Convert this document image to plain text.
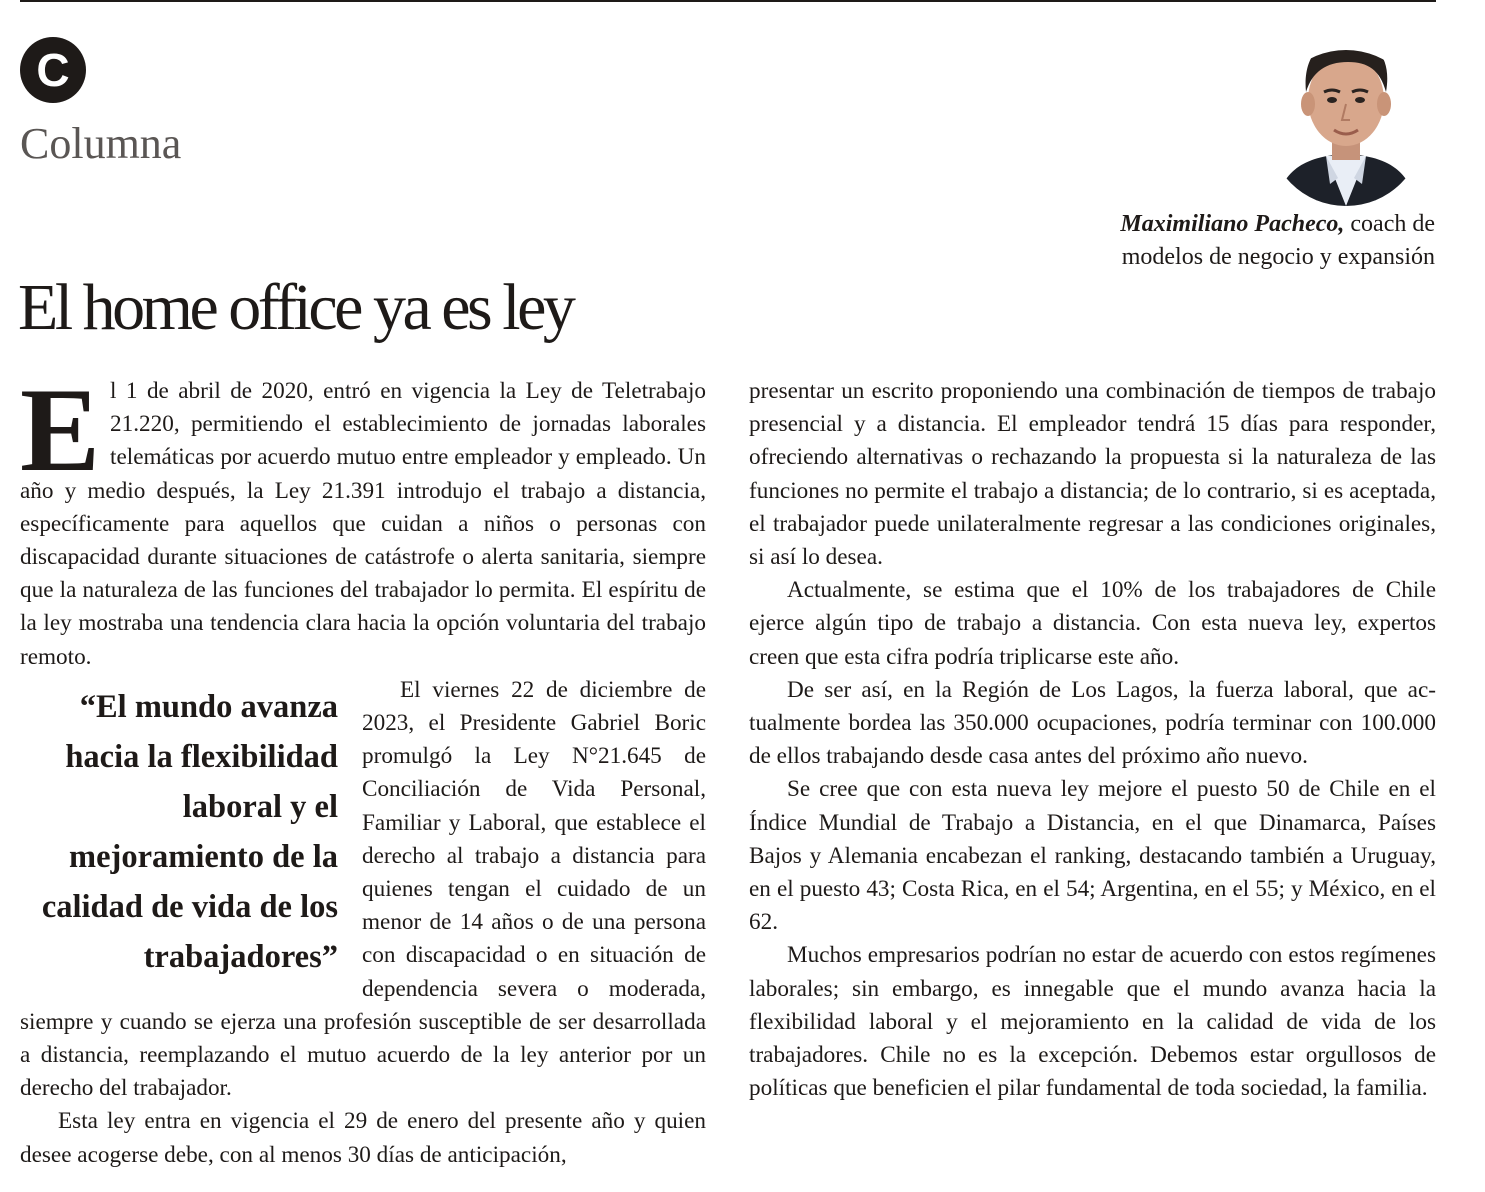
C
Columna
Maximiliano Pacheco, coach de
modelos de negocio y expansión
El home office ya es ley
E l 1 de abril de 2020, entró en vigencia la Ley de Teletrabajo 21.220, permitiendo el establecimiento de jornadas laborales telemáticas por acuerdo mutuo entre empleador y empleado. Un año y medio después, la Ley 21.391 introdujo el trabajo a distancia, específicamente para aquellos que cuidan a niños o personas con discapacidad durante situaciones de catástrofe o alerta sanitaria, siempre que la naturaleza de las funciones del trabajador lo permita. El espíritu de la ley mostraba una tendencia clara hacia la opción voluntaria del trabajo remoto.

“El mundo avanza hacia la flexibilidad laboral y el mejoramiento de la calidad de vida de los trabajadores”

El viernes 22 de diciembre de 2023, el Presidente Gabriel Boric promulgó la Ley N°21.645 de Conciliación de Vida Personal, Familiar y Laboral, que establece el derecho al trabajo a distancia para quienes tengan el cuidado de un menor de 14 años o de una persona con discapacidad o en situación de dependencia severa o moderada, siempre y cuando se ejerza una profesión susceptible de ser desarrollada a distancia, reemplazando el mutuo acuerdo de la ley anterior por un derecho del trabajador.

Esta ley entra en vigencia el 29 de enero del presente año y quien desee acogerse debe, con al menos 30 días de anticipación,

presentar un escrito proponiendo una combinación de tiempos de trabajo presencial y a distancia. El empleador tendrá 15 días para responder, ofreciendo alternativas o rechazando la propuesta si la naturaleza de las funciones no permite el trabajo a distancia; de lo contrario, si es aceptada, el trabajador puede unilateralmente regresar a las condiciones originales, si así lo desea.

Actualmente, se estima que el 10% de los trabajadores de Chile ejerce algún tipo de trabajo a distancia. Con esta nueva ley, expertos creen que esta cifra podría triplicarse este año.

De ser así, en la Región de Los Lagos, la fuerza laboral, que actualmente bordea las 350.000 ocupaciones, podría terminar con 100.000 de ellos trabajando desde casa antes del próximo año nuevo.

Se cree que con esta nueva ley mejore el puesto 50 de Chile en el Índice Mundial de Trabajo a Distancia, en el que Dinamarca, Países Bajos y Alemania encabezan el ranking, destacando también a Uruguay, en el puesto 43; Costa Rica, en el 54; Argentina, en el 55; y México, en el 62.

Muchos empresarios podrían no estar de acuerdo con estos regímenes laborales; sin embargo, es innegable que el mundo avanza hacia la flexibilidad laboral y el mejoramiento en la calidad de vida de los trabajadores. Chile no es la excepción. Debemos estar orgullosos de políticas que beneficien el pilar fundamental de toda sociedad, la familia.
